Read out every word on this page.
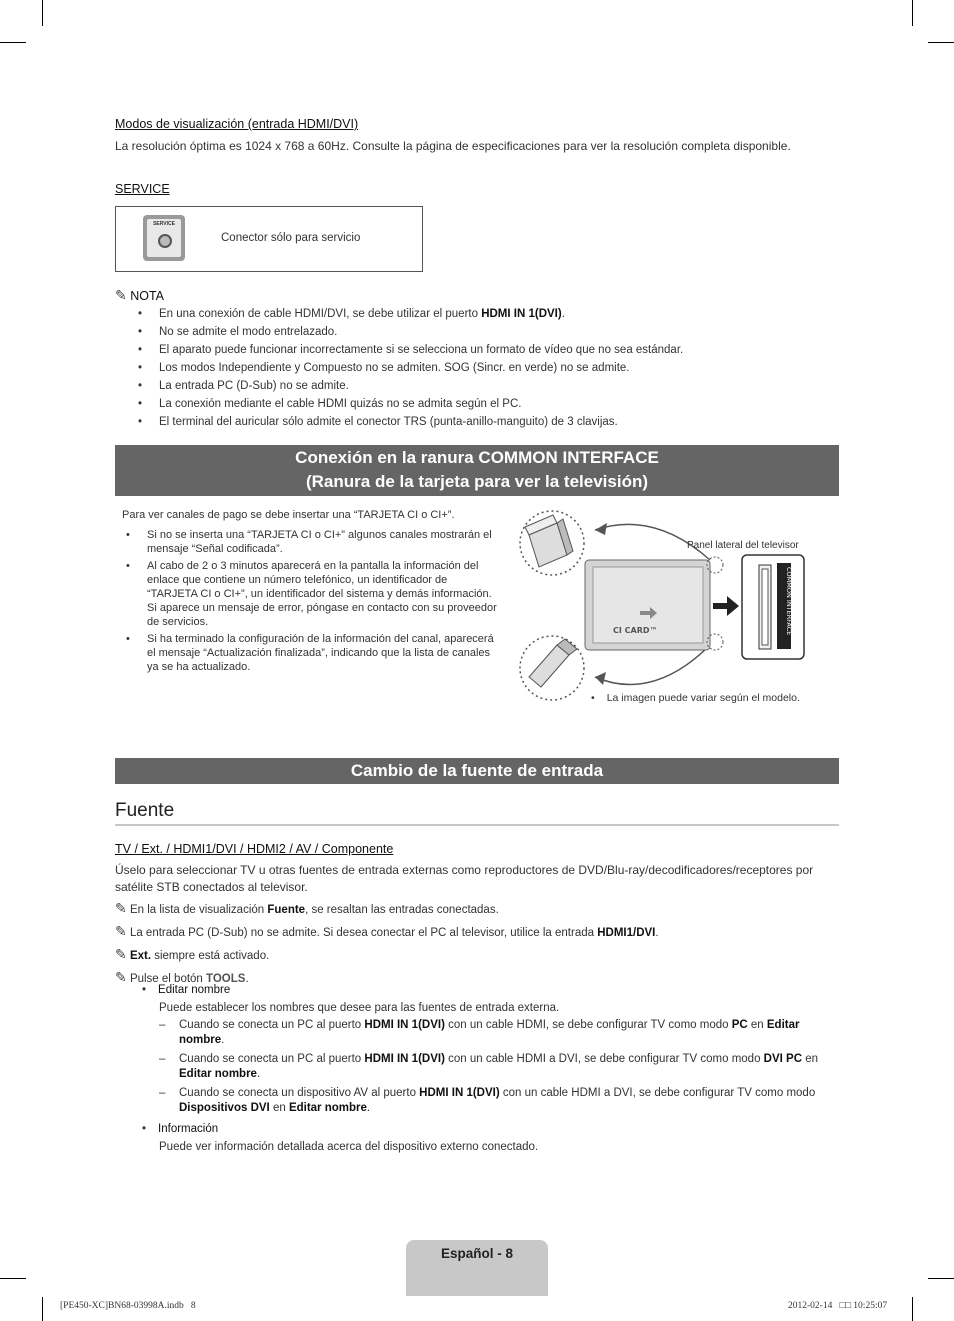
Modos de visualización (entrada HDMI/DVI)
La resolución óptima es 1024 x 768 a 60Hz. Consulte la página de especificaciones para ver la resolución completa disponible.
SERVICE
SERVICE
Conector sólo para servicio
✎ NOTA
• En una conexión de cable HDMI/DVI, se debe utilizar el puerto HDMI IN 1(DVI).
• No se admite el modo entrelazado.
• El aparato puede funcionar incorrectamente si se selecciona un formato de vídeo que no sea estándar.
• Los modos Independiente y Compuesto no se admiten. SOG (Sincr. en verde) no se admite.
• La entrada PC (D-Sub) no se admite.
• La conexión mediante el cable HDMI quizás no se admita según el PC.
• El terminal del auricular sólo admite el conector TRS (punta-anillo-manguito) de 3 clavijas.
Conexión en la ranura COMMON INTERFACE
(Ranura de la tarjeta para ver la televisión)
Para ver canales de pago se debe insertar una “TARJETA CI o CI+”.
• Si no se inserta una “TARJETA CI o CI+” algunos canales mostrarán el mensaje “Señal codificada”.
• Al cabo de 2 o 3 minutos aparecerá en la pantalla la información del enlace que contiene un número telefónico, un identificador de “TARJETA CI o CI+”, un identificador del sistema y demás información. Si aparece un mensaje de error, póngase en contacto con su proveedor de servicios.
• Si ha terminado la configuración de la información del canal, aparecerá el mensaje “Actualización finalizada”, indicando que la lista de canales ya se ha actualizado.
CI CARD™
Panel lateral del televisor
COMMON INTERFACE
• La imagen puede variar según el modelo.
Cambio de la fuente de entrada
Fuente
TV / Ext. / HDMI1/DVI / HDMI2 / AV / Componente
Úselo para seleccionar TV u otras fuentes de entrada externas como reproductores de DVD/Blu-ray/decodificadores/receptores por satélite STB conectados al televisor.
✎ En la lista de visualización Fuente, se resaltan las entradas conectadas.
✎ La entrada PC (D-Sub) no se admite. Si desea conectar el PC al televisor, utilice la entrada HDMI1/DVI.
✎ Ext. siempre está activado.
✎ Pulse el botón TOOLS.
• Editar nombre
Puede establecer los nombres que desee para las fuentes de entrada externa.
– Cuando se conecta un PC al puerto HDMI IN 1(DVI) con un cable HDMI, se debe configurar TV como modo PC en Editar nombre.
– Cuando se conecta un PC al puerto HDMI IN 1(DVI) con un cable HDMI a DVI, se debe configurar TV como modo DVI PC en Editar nombre.
– Cuando se conecta un dispositivo AV al puerto HDMI IN 1(DVI) con un cable HDMI a DVI, se debe configurar TV como modo Dispositivos DVI en Editar nombre.
• Información
Puede ver información detallada acerca del dispositivo externo conectado.
Español - 8
[PE450-XC]BN68-03998A.indb   8	2012-02-14   □□ 10:25:07
